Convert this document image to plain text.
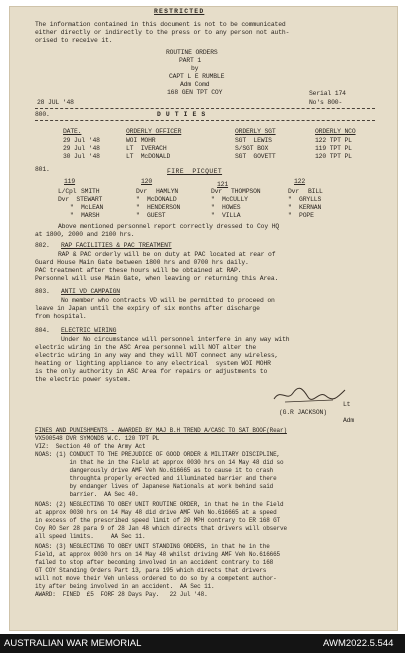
RESTRICTED
The information contained in this document is not to be communicated
either directly or indirectly to the press or to any person not auth-
orised to receive it.
ROUTINE ORDERS
PART 1
by
CAPT L E RUMBLE
Adm Comd
168 GEN TPT COY
28 JUL '48
Serial 174
No's 800-
800.	D U T I E S
DATE.	ORDERLY OFFICER	ORDERLY SGT	ORDERLY NCO
29 Jul '48	WOI MOHR	SGT  LEWIS	122 TPT PL
29 Jul '48	LT  IVERACH	S/SGT BOX	119 TPT PL
30 Jul '48	LT  McDONALD	SGT  GOVETT	120 TPT PL
801.	FIRE  PICQUET
119	120	121	122
L/Cpl SMITH	Dvr HAMLYN	Dvr THOMPSON	Dvr BILL
Dvr  STEWART	"  McDONALD	"  McCULLY	"  GRYLLS
"  McLEAN	"  HENDERSON	"  HOWES	"  KERNAN
"  MARSH	"  GUEST	"  VILLA	"  POPE
Above mentioned personnel report correctly dressed to Coy HQ
at 1800, 2000 and 2100 hrs.
802. RAP FACILITIES & PAC TREATMENT
RAP & PAC orderly will be on duty at PAC located at rear of
Guard House Main Gate between 1800 hrs and 0700 hrs daily.
PAC treatment after these hours will be obtained at RAP.
Personnel will use Main Gate, when leaving or returning this Area.
803. ANTI VD CAMPAIGN
No member who contracts VD will be permitted to proceed on
leave in Japan until the expiry of six months after discharge
from hospital.
804. ELECTRIC WIRING
Under No circumstance will personnel interfere in any way with
electric wiring in the ASC Area personnel will NOT alter the
electric wiring in any way and they will NOT connect any wireless,
heating or lighting appliance to any electrical  system WOI MOHR
is the only authority in ASC Area for repairs or adjustments to
the electric power system.
Lt
(G.R JACKSON)
Adm
FINES AND PUNISHMENTS - AWARDED BY MAJ B.H TREND A/CASC TO SAT BOOF(Rear)
VX500548 DVR SYMONDS W.C. 120 TPT PL
VIZ:  Section 40 of the Army Act
NOAS: (1) CONDUCT TO THE PREJUDICE OF GOOD ORDER & MILITARY DISCIPLINE,
in that he in the Field at approx 0030 hrs on 14 May 48 did so
dangerously drive AMF Veh No.616665 as to cause it to crash
throughta properly erected and illuminated barrier and there
by endanger lives of Japanese Nationals at work behind said
barrier.  AA Sec 40.
NOAS: (2) NEGLECTING TO OBEY UNIT ROUTINE ORDER, in that he in the Field
at approx 0030 hrs on 14 May 48 did drive AMF Veh No.616665 at a speed
in excess of the prescribed speed limit of 20 MPH contrary to ER 168 GT
Coy RO Ser 28 para 9 of 28 Jan 48 which directs that drivers will observe
all speed limits.     AA Sec 11.
NOAS: (3) NEGLECTING TO OBEY UNIT STANDING ORDERS, in that he in the
Field, at approx 0030 hrs on 14 May 48 whilst driving AMF Veh No.616665
failed to stop after becoming involved in an accident contrary to 168
GT COY Standing Orders Part 13, para 195 which directs that drivers
will not move their Veh unless ordered to do so by a competent author-
ity after being involved in an accident.  AA Sec 11.
AWARD:  FINED  £5  FORF 28 Days Pay.   22 Jul '48.
AUSTRALIAN WAR MEMORIAL	AWM2022.5.544
